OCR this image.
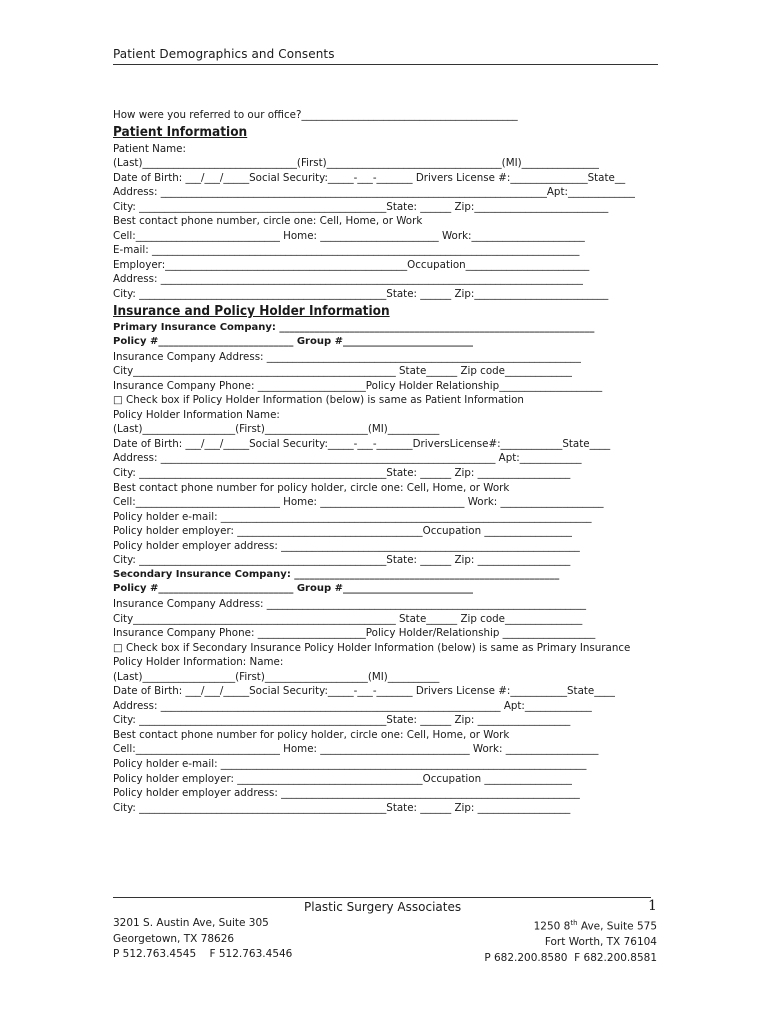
Patient Demographics and Consents
How were you referred to our office?__________________________________________
Patient Information
Patient Name:
(Last)______________________________(First)__________________________________(MI)_______________
Date of Birth: ___/___/_____Social Security:_____-___-_______ Drivers License #:_______________State__
Address: ___________________________________________________________________________Apt:_____________
City: ________________________________________________State: ______ Zip:__________________________
Best contact phone number, circle one: Cell, Home, or Work
Cell:____________________________ Home: _______________________ Work:______________________
E-mail: ___________________________________________________________________________________
Employer:_______________________________________________Occupation________________________
Address: __________________________________________________________________________________
City: ________________________________________________State: ______ Zip:__________________________
Insurance and Policy Holder Information
Primary Insurance Company: _______________________________________________________________
Policy #___________________________ Group #__________________________
Insurance Company Address: _____________________________________________________________
City___________________________________________________ State______ Zip code_____________
Insurance Company Phone: _____________________Policy Holder Relationship____________________
□ Check box if Policy Holder Information (below) is same as Patient Information
Policy Holder Information Name:
(Last)__________________(First)____________________(MI)__________
Date of Birth: ___/___/_____Social Security:_____-___-_______DriversLicense#:____________State____
Address: _________________________________________________________________ Apt:____________
City: ________________________________________________State: ______ Zip: __________________
Best contact phone number for policy holder, circle one: Cell, Home, or Work
Cell:____________________________ Home: ____________________________ Work: ____________________
Policy holder e-mail: ________________________________________________________________________
Policy holder employer: ____________________________________Occupation _________________
Policy holder employer address: __________________________________________________________
City: ________________________________________________State: ______ Zip: __________________
Secondary Insurance Company: _____________________________________________________
Policy #___________________________ Group #__________________________
Insurance Company Address: ______________________________________________________________
City___________________________________________________ State______ Zip code_______________
Insurance Company Phone: _____________________Policy Holder/Relationship __________________
□ Check box if Secondary Insurance Policy Holder Information (below) is same as Primary Insurance
Policy Holder Information: Name:
(Last)__________________(First)____________________(MI)__________
Date of Birth: ___/___/_____Social Security:_____-___-_______ Drivers License #:___________State____
Address: __________________________________________________________________ Apt:_____________
City: ________________________________________________State: ______ Zip: __________________
Best contact phone number for policy holder, circle one: Cell, Home, or Work
Cell:____________________________ Home: _____________________________ Work: __________________
Policy holder e-mail: _______________________________________________________________________
Policy holder employer: ____________________________________Occupation _________________
Policy holder employer address: __________________________________________________________
City: ________________________________________________State: ______ Zip: __________________
Plastic Surgery Associates	1
3201 S. Austin Ave, Suite 305
Georgetown, TX 78626
P 512.763.4545    F 512.763.4546
1250 8th Ave, Suite 575
Fort Worth, TX 76104
P 682.200.8580  F 682.200.8581
